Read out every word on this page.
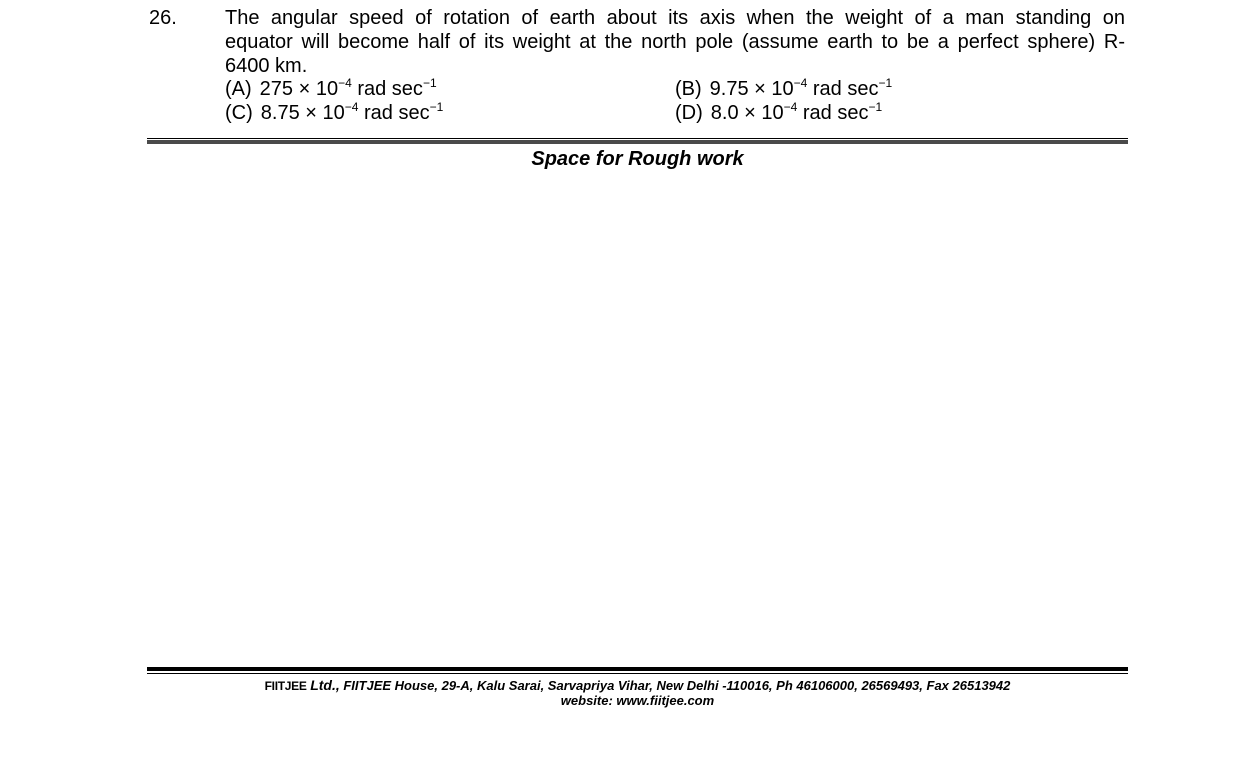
26. The angular speed of rotation of earth about its axis when the weight of a man standing on
equator will become half of its weight at the north pole (assume earth to be a perfect sphere) R-
6400 km.
(A) $275 \times 10^{-4}$ rad $\sec^{-1}$	(B) $9.75 \times 10^{-4}$ rad $\sec^{-1}$
(C) $8.75 \times 10^{-4}$ rad $\sec^{-1}$	(D) $8.0 \times 10^{-4}$ rad $\sec^{-1}$
Space for Rough work
FIITJEE Ltd., FIITJEE House, 29-A, Kalu Sarai, Sarvapriya Vihar, New Delhi -110016, Ph 46106000, 26569493, Fax 26513942
website: www.fiitjee.com
